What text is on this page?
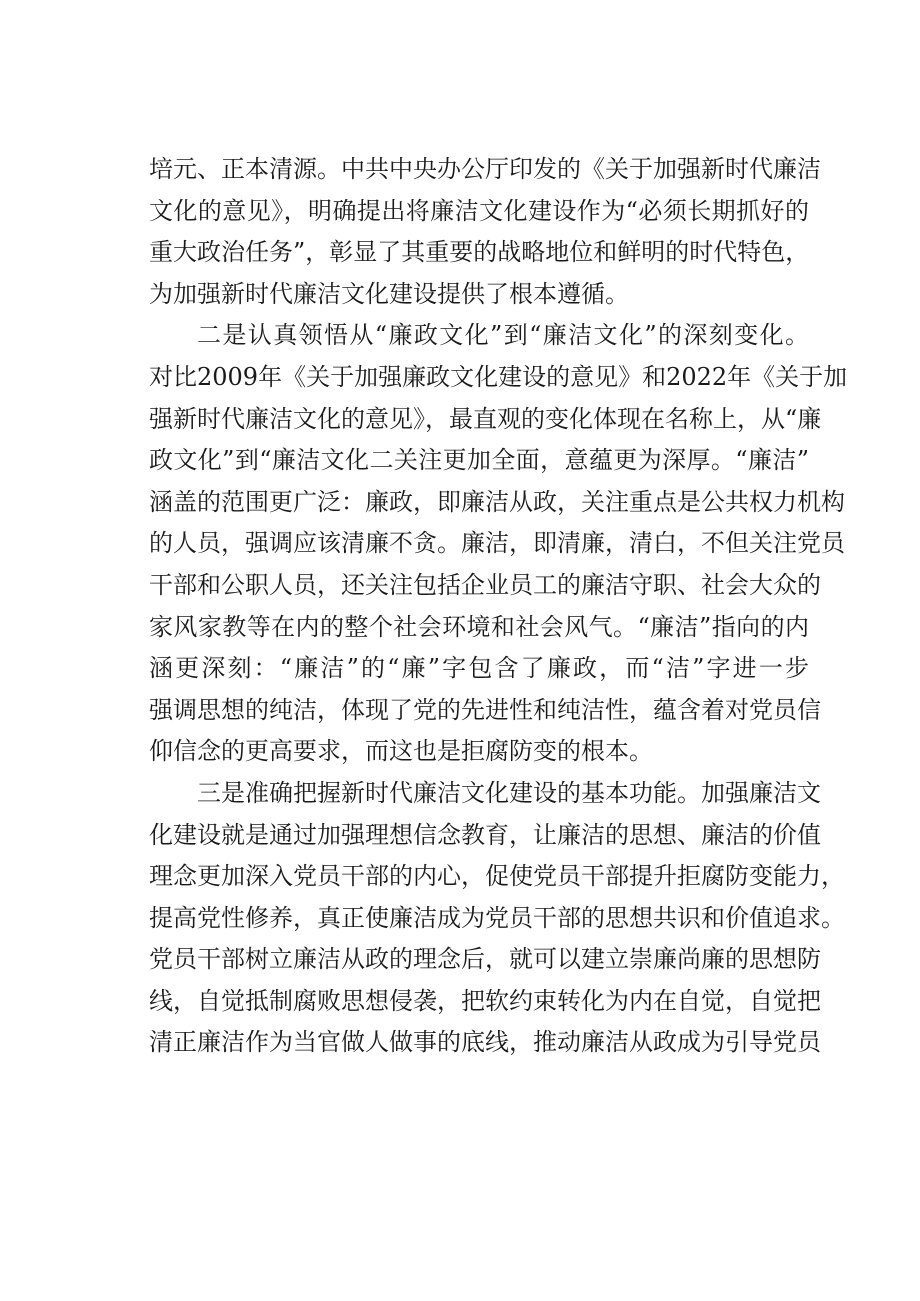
培元、正本清源。中共中央办公厅印发的《关于加强新时代廉洁
文化的意见》，明确提出将廉洁文化建设作为“必须长期抓好的
重大政治任务”，彰显了其重要的战略地位和鲜明的时代特色，
为加强新时代廉洁文化建设提供了根本遵循。
二是认真领悟从“廉政文化”到“廉洁文化”的深刻变化。
对比2009年《关于加强廉政文化建设的意见》和2022年《关于加
强新时代廉洁文化的意见》，最直观的变化体现在名称上，从“廉
政文化”到“廉洁文化二关注更加全面，意蕴更为深厚。“廉洁”
涵盖的范围更广泛：廉政，即廉洁从政，关注重点是公共权力机构
的人员，强调应该清廉不贪。廉洁，即清廉，清白，不但关注党员
干部和公职人员，还关注包括企业员工的廉洁守职、社会大众的
家风家教等在内的整个社会环境和社会风气。“廉洁”指向的内
涵更深刻：“廉洁”的“廉”字包含了廉政，而“洁”字进一步
强调思想的纯洁，体现了党的先进性和纯洁性，蕴含着对党员信
仰信念的更高要求，而这也是拒腐防变的根本。
三是准确把握新时代廉洁文化建设的基本功能。加强廉洁文
化建设就是通过加强理想信念教育，让廉洁的思想、廉洁的价值
理念更加深入党员干部的内心，促使党员干部提升拒腐防变能力，
提高党性修养，真正使廉洁成为党员干部的思想共识和价值追求。
党员干部树立廉洁从政的理念后，就可以建立崇廉尚廉的思想防
线，自觉抵制腐败思想侵袭，把软约束转化为内在自觉，自觉把
清正廉洁作为当官做人做事的底线，推动廉洁从政成为引导党员
